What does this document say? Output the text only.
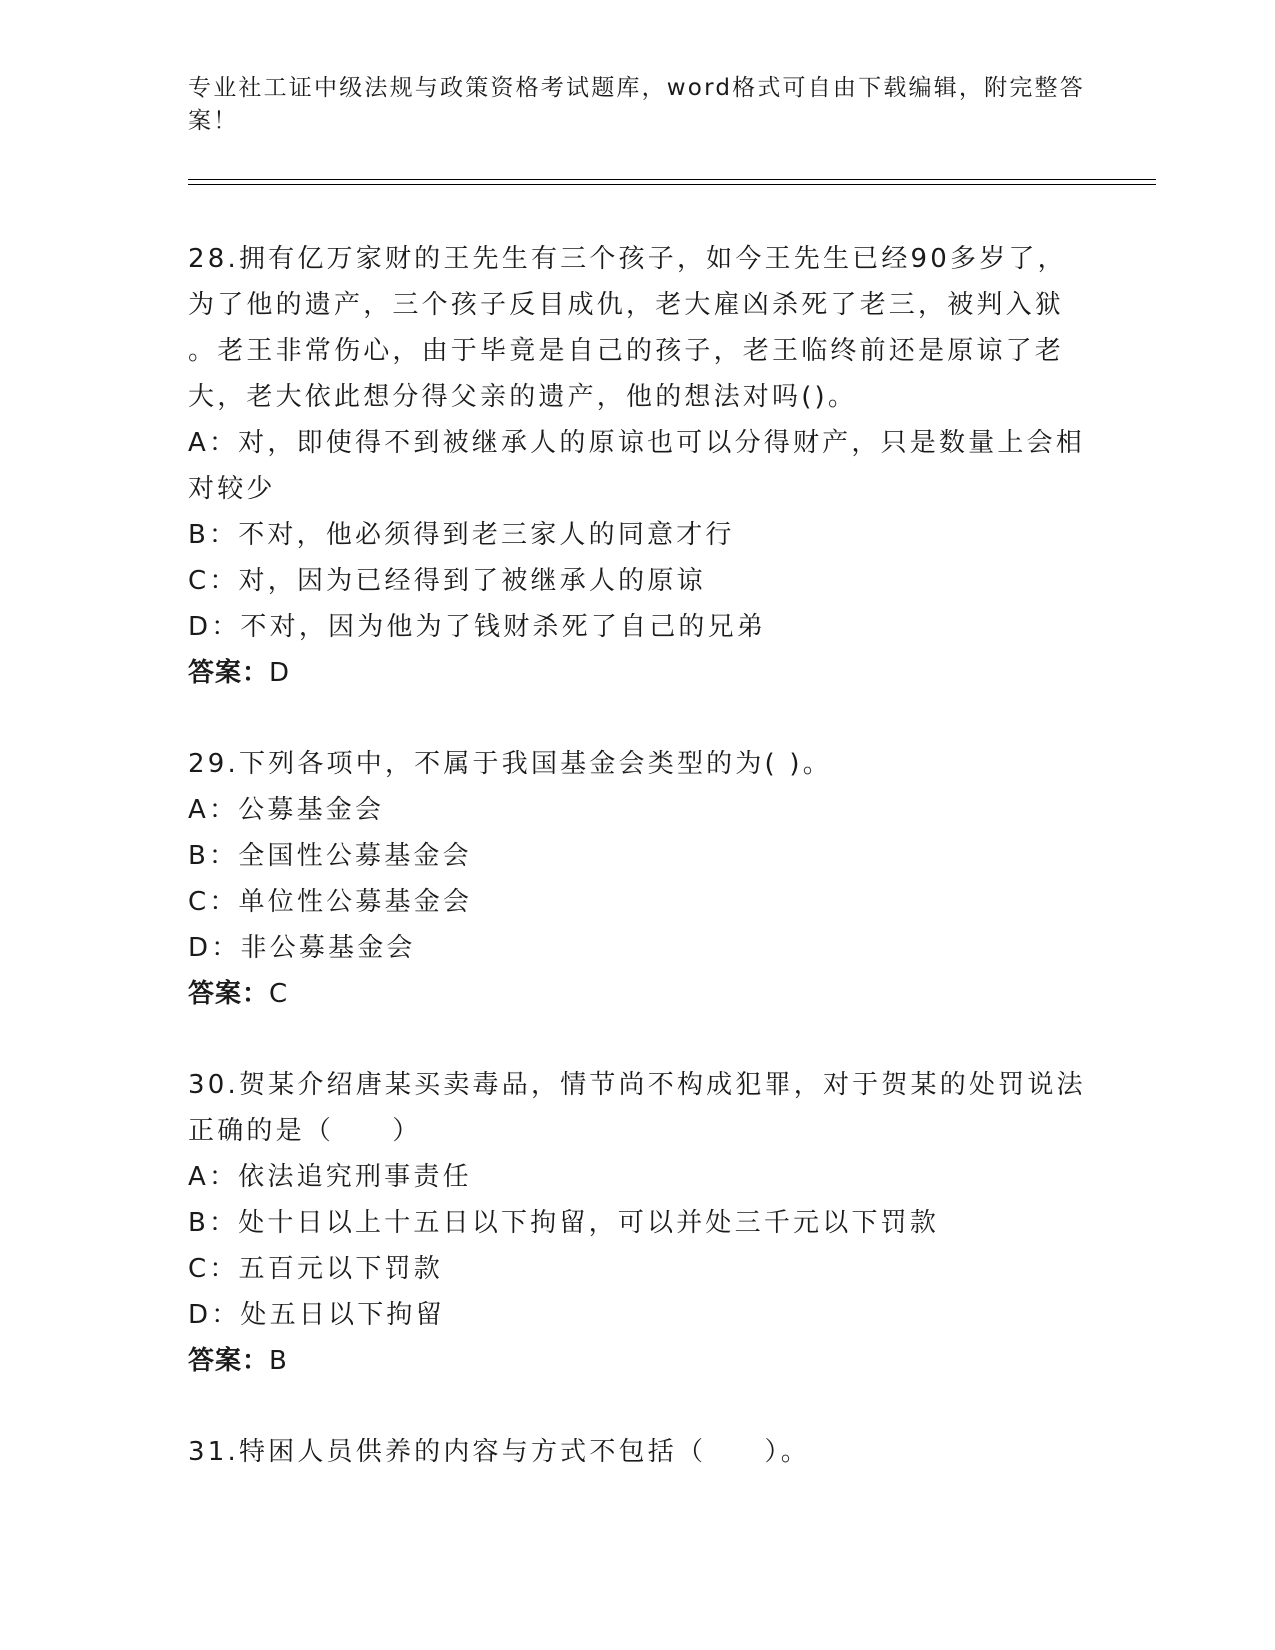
专业社工证中级法规与政策资格考试题库，word格式可自由下载编辑，附完整答
案！

28.拥有亿万家财的王先生有三个孩子，如今王先生已经90多岁了，

为了他的遗产，三个孩子反目成仇，老大雇凶杀死了老三，被判入狱

。老王非常伤心，由于毕竟是自己的孩子，老王临终前还是原谅了老

大，老大依此想分得父亲的遗产，他的想法对吗()。

A：对，即使得不到被继承人的原谅也可以分得财产，只是数量上会相

对较少

B：不对，他必须得到老三家人的同意才行

C：对，因为已经得到了被继承人的原谅

D：不对，因为他为了钱财杀死了自己的兄弟

答案：D

29.下列各项中，不属于我国基金会类型的为( )。

A：公募基金会

B：全国性公募基金会

C：单位性公募基金会

D：非公募基金会

答案：C

30.贺某介绍唐某买卖毒品，情节尚不构成犯罪，对于贺某的处罚说法

正确的是（　　）

A：依法追究刑事责任

B：处十日以上十五日以下拘留，可以并处三千元以下罚款

C：五百元以下罚款

D：处五日以下拘留

答案：B

31.特困人员供养的内容与方式不包括（　　）。
